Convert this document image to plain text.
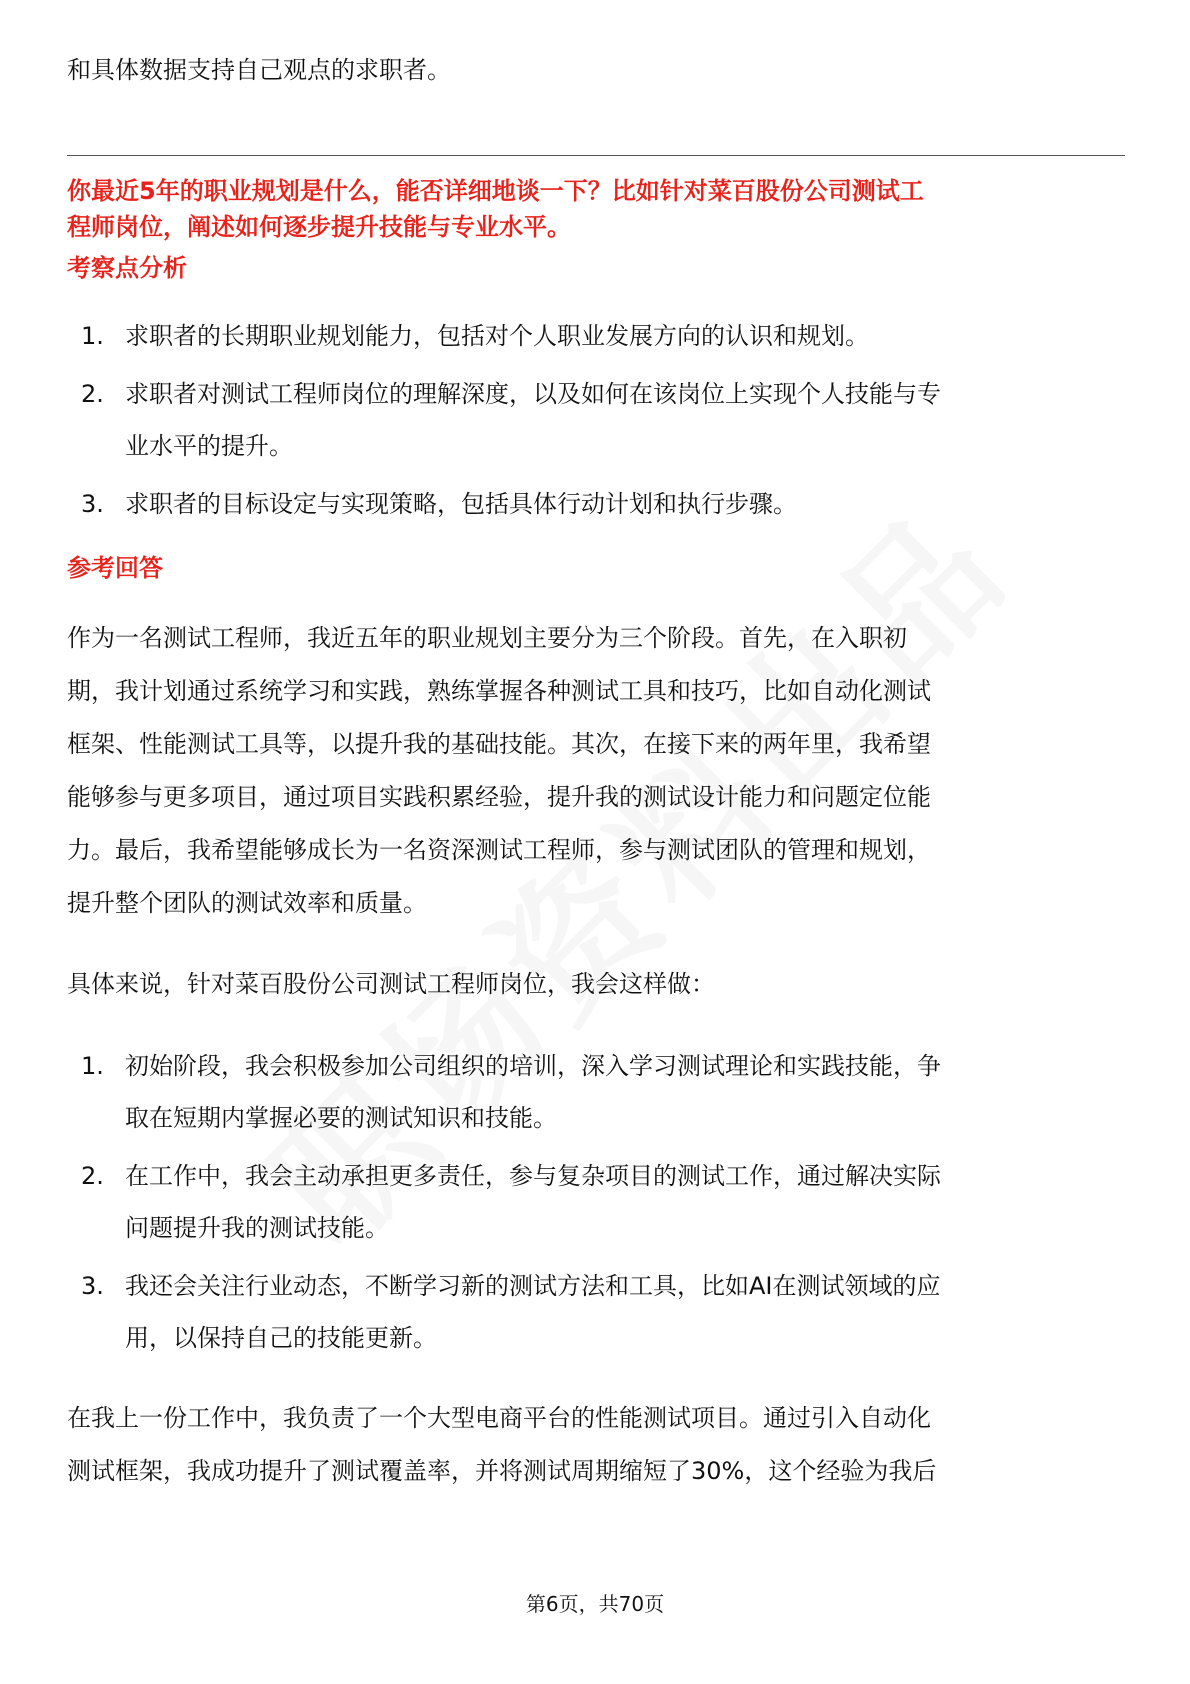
和具体数据支持自己观点的求职者。
你最近5年的职业规划是什么，能否详细地谈一下？比如针对菜百股份公司测试工
程师岗位，阐述如何逐步提升技能与专业水平。
考察点分析
1. 求职者的长期职业规划能力，包括对个人职业发展方向的认识和规划。
2. 求职者对测试工程师岗位的理解深度，以及如何在该岗位上实现个人技能与专
业水平的提升。
3. 求职者的目标设定与实现策略，包括具体行动计划和执行步骤。
参考回答
作为一名测试工程师，我近五年的职业规划主要分为三个阶段。首先，在入职初
期，我计划通过系统学习和实践，熟练掌握各种测试工具和技巧，比如自动化测试
框架、性能测试工具等，以提升我的基础技能。其次，在接下来的两年里，我希望
能够参与更多项目，通过项目实践积累经验，提升我的测试设计能力和问题定位能
力。最后，我希望能够成长为一名资深测试工程师，参与测试团队的管理和规划，
提升整个团队的测试效率和质量。
具体来说，针对菜百股份公司测试工程师岗位，我会这样做：
1. 初始阶段，我会积极参加公司组织的培训，深入学习测试理论和实践技能，争
取在短期内掌握必要的测试知识和技能。
2. 在工作中，我会主动承担更多责任，参与复杂项目的测试工作，通过解决实际
问题提升我的测试技能。
3. 我还会关注行业动态，不断学习新的测试方法和工具，比如AI在测试领域的应
用，以保持自己的技能更新。
在我上一份工作中，我负责了一个大型电商平台的性能测试项目。通过引入自动化
测试框架，我成功提升了测试覆盖率，并将测试周期缩短了30%，这个经验为我后
第6页，共70页
